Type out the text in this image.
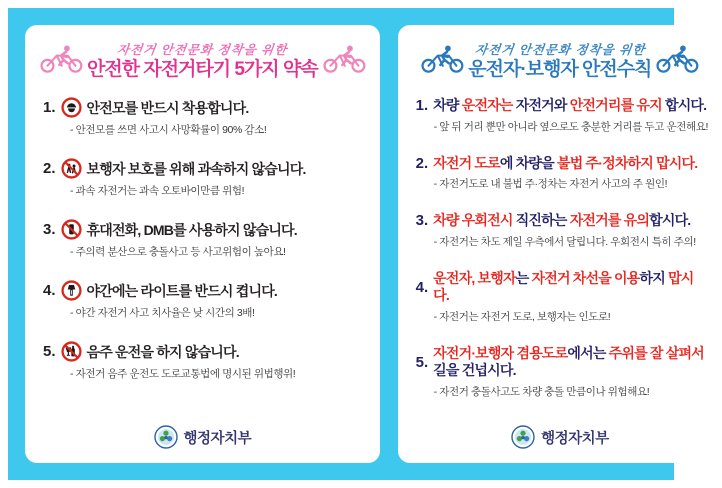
자전거 안전문화 정착을 위한
안전한 자전거타기 5가지 약속
1. 안전모를 반드시 착용합니다.
- 안전모를 쓰면 사고시 사망확률이 90% 감소!
2. 보행자 보호를 위해 과속하지 않습니다.
- 과속 자전거는 과속 오토바이만큼 위험!
3. 휴대전화, DMB를 사용하지 않습니다.
- 주의력 분산으로 충돌사고 등 사고위험이 높아요!
4. 야간에는 라이트를 반드시 켭니다.
- 야간 자전거 사고 치사율은 낮 시간의 3배!
5. 음주 운전을 하지 않습니다.
- 자전거 음주 운전도 도로교통법에 명시된 위법행위!
행정자치부
자전거 안전문화 정착을 위한
운전자·보행자 안전수칙
1. 차량 운전자는 자전거와 안전거리를 유지 합시다.
- 앞 뒤 거리 뿐만 아니라 옆으로도 충분한 거리를 두고 운전해요!
2. 자전거 도로에 차량을 불법 주·정차하지 맙시다.
- 자전거도로 내 불법 주·정차는 자전거 사고의 주 원인!
3. 차량 우회전시 직진하는 자전거를 유의합시다.
- 자전거는 차도 제일 우측에서 달립니다. 우회전시 특히 주의!
4.
운전자, 보행자는 자전거 차선을 이용하지 맙시다.
- 자전거는 자전거 도로, 보행자는 인도로!
5.
자전거·보행자 겸용도로에서는 주위를 잘 살펴서 길을 건넙시다.
- 자전거 충돌사고도 차량 충돌 만큼이나 위험해요!
행정자치부
